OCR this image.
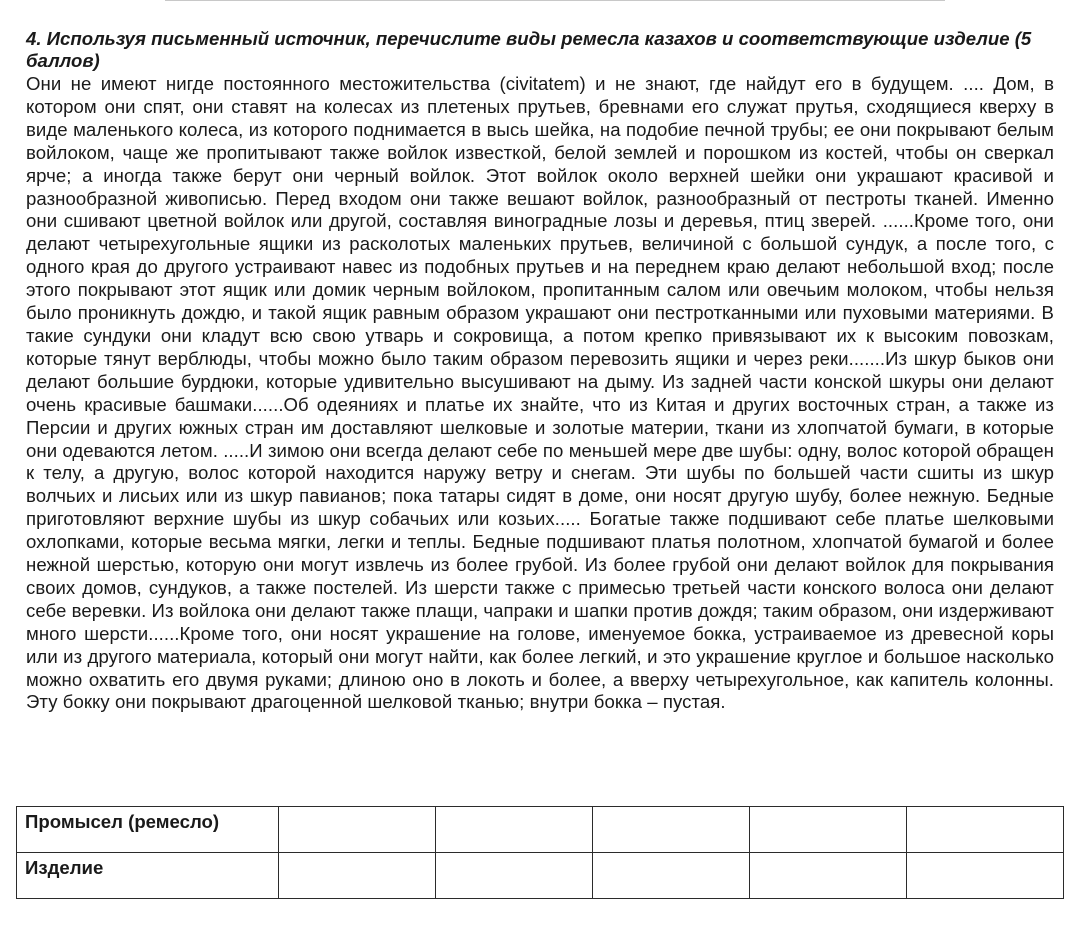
4. Используя письменный источник, перечислите виды ремесла казахов и соответствующие изделие (5 баллов)

Они не имеют нигде постоянного местожительства (civitatem) и не знают, где найдут его в будущем. .... Дом, в котором они спят, они ставят на колесах из плетеных прутьев, бревнами его служат прутья, сходящиеся кверху в виде маленького колеса, из которого поднимается в высь шейка, на подобие печной трубы; ее они покрывают белым войлоком, чаще же пропитывают также войлок известкой, белой землей и порошком из костей, чтобы он сверкал ярче; а иногда также берут они черный войлок. Этот войлок около верхней шейки они украшают красивой и разнообразной живописью. Перед входом они также вешают войлок, разнообразный от пестроты тканей. Именно они сшивают цветной войлок или другой, составляя виноградные лозы и деревья, птиц зверей. ......Кроме того, они делают четырехугольные ящики из расколотых маленьких прутьев, величиной с большой сундук, а после того, с одного края до другого устраивают навес из подобных прутьев и на переднем краю делают небольшой вход; после этого покрывают этот ящик или домик черным войлоком, пропитанным салом или овечьим молоком, чтобы нельзя было проникнуть дождю, и такой ящик равным образом украшают они пестротканными или пуховыми материями. В такие сундуки они кладут всю свою утварь и сокровища, а потом крепко привязывают их к высоким повозкам, которые тянут верблюды, чтобы можно было таким образом перевозить ящики и через реки.......Из шкур быков они делают большие бурдюки, которые удивительно высушивают на дыму. Из задней части конской шкуры они делают очень красивые башмаки......Об одеяниях и платье их знайте, что из Китая и других восточных стран, а также из Персии и других южных стран им доставляют шелковые и золотые материи, ткани из хлопчатой бумаги, в которые они одеваются летом. .....И зимою они всегда делают себе по меньшей мере две шубы: одну, волос которой обращен к телу, а другую, волос которой находится наружу ветру и снегам. Эти шубы по большей части сшиты из шкур волчьих и лисьих или из шкур павианов; пока татары сидят в доме, они носят другую шубу, более нежную. Бедные приготовляют верхние шубы из шкур собачьих или козьих..... Богатые также подшивают себе платье шелковыми охлопками, которые весьма мягки, легки и теплы. Бедные подшивают платья полотном, хлопчатой бумагой и более нежной шерстью, которую они могут извлечь из более грубой. Из более грубой они делают войлок для покрывания своих домов, сундуков, а также постелей. Из шерсти также с примесью третьей части конского волоса они делают себе веревки. Из войлока они делают также плащи, чапраки и шапки против дождя; таким образом, они издерживают много шерсти......Кроме того, они носят украшение на голове, именуемое бокка, устраиваемое из древесной коры или из другого материала, который они могут найти, как более легкий, и это украшение круглое и большое насколько можно охватить его двумя руками; длиною оно в локоть и более, а вверху четырехугольное, как капитель колонны. Эту бокку они покрывают драгоценной шелковой тканью; внутри бокка – пустая.

Промысел (ремесло)					
Изделие					
